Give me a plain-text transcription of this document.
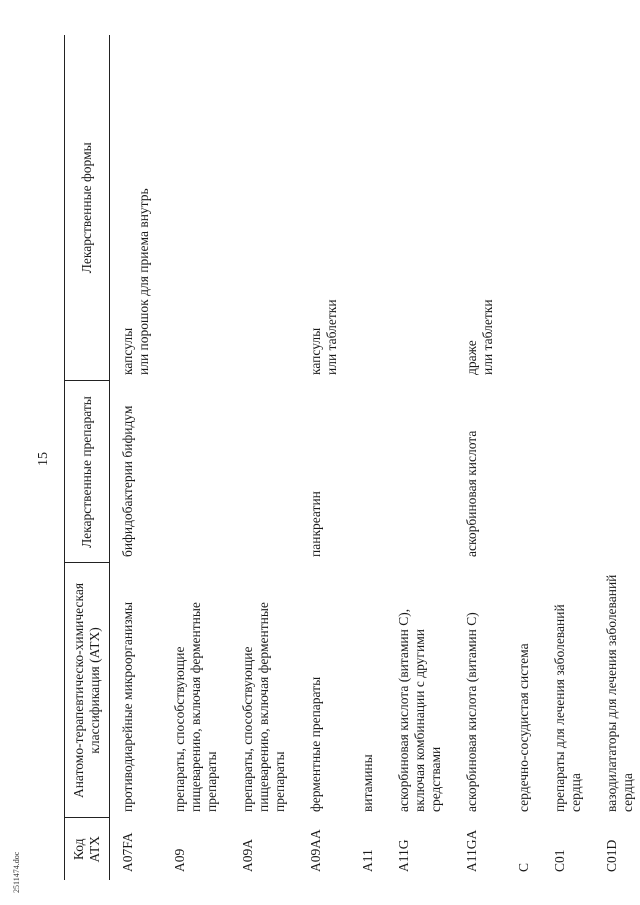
Код АТХ	Анатомо-терапевтическо-химическая классификация (АТХ)	Лекарственные препараты	Лекарственные формы
A07FA	противодиарейные микроорганизмы	бифидобактерии бифидум	капсулы
или порошок для приема внутрь
A09	препараты, способствующие пищеварению, включая ферментные препараты		
A09A	препараты, способствующие пищеварению, включая ферментные препараты		
A09AA	ферментные препараты	панкреатин	капсулы
или таблетки
A11	витамины		
A11G	аскорбиновая кислота (витамин С), включая комбинации с другими средствами		
A11GA	аскорбиновая кислота (витамин С)	аскорбиновая кислота	драже
или таблетки
C	сердечно-сосудистая система		
C01	препараты для лечения заболеваний сердца		
C01D	вазодилататоры для лечения заболеваний сердца		
15
2511474.doc
